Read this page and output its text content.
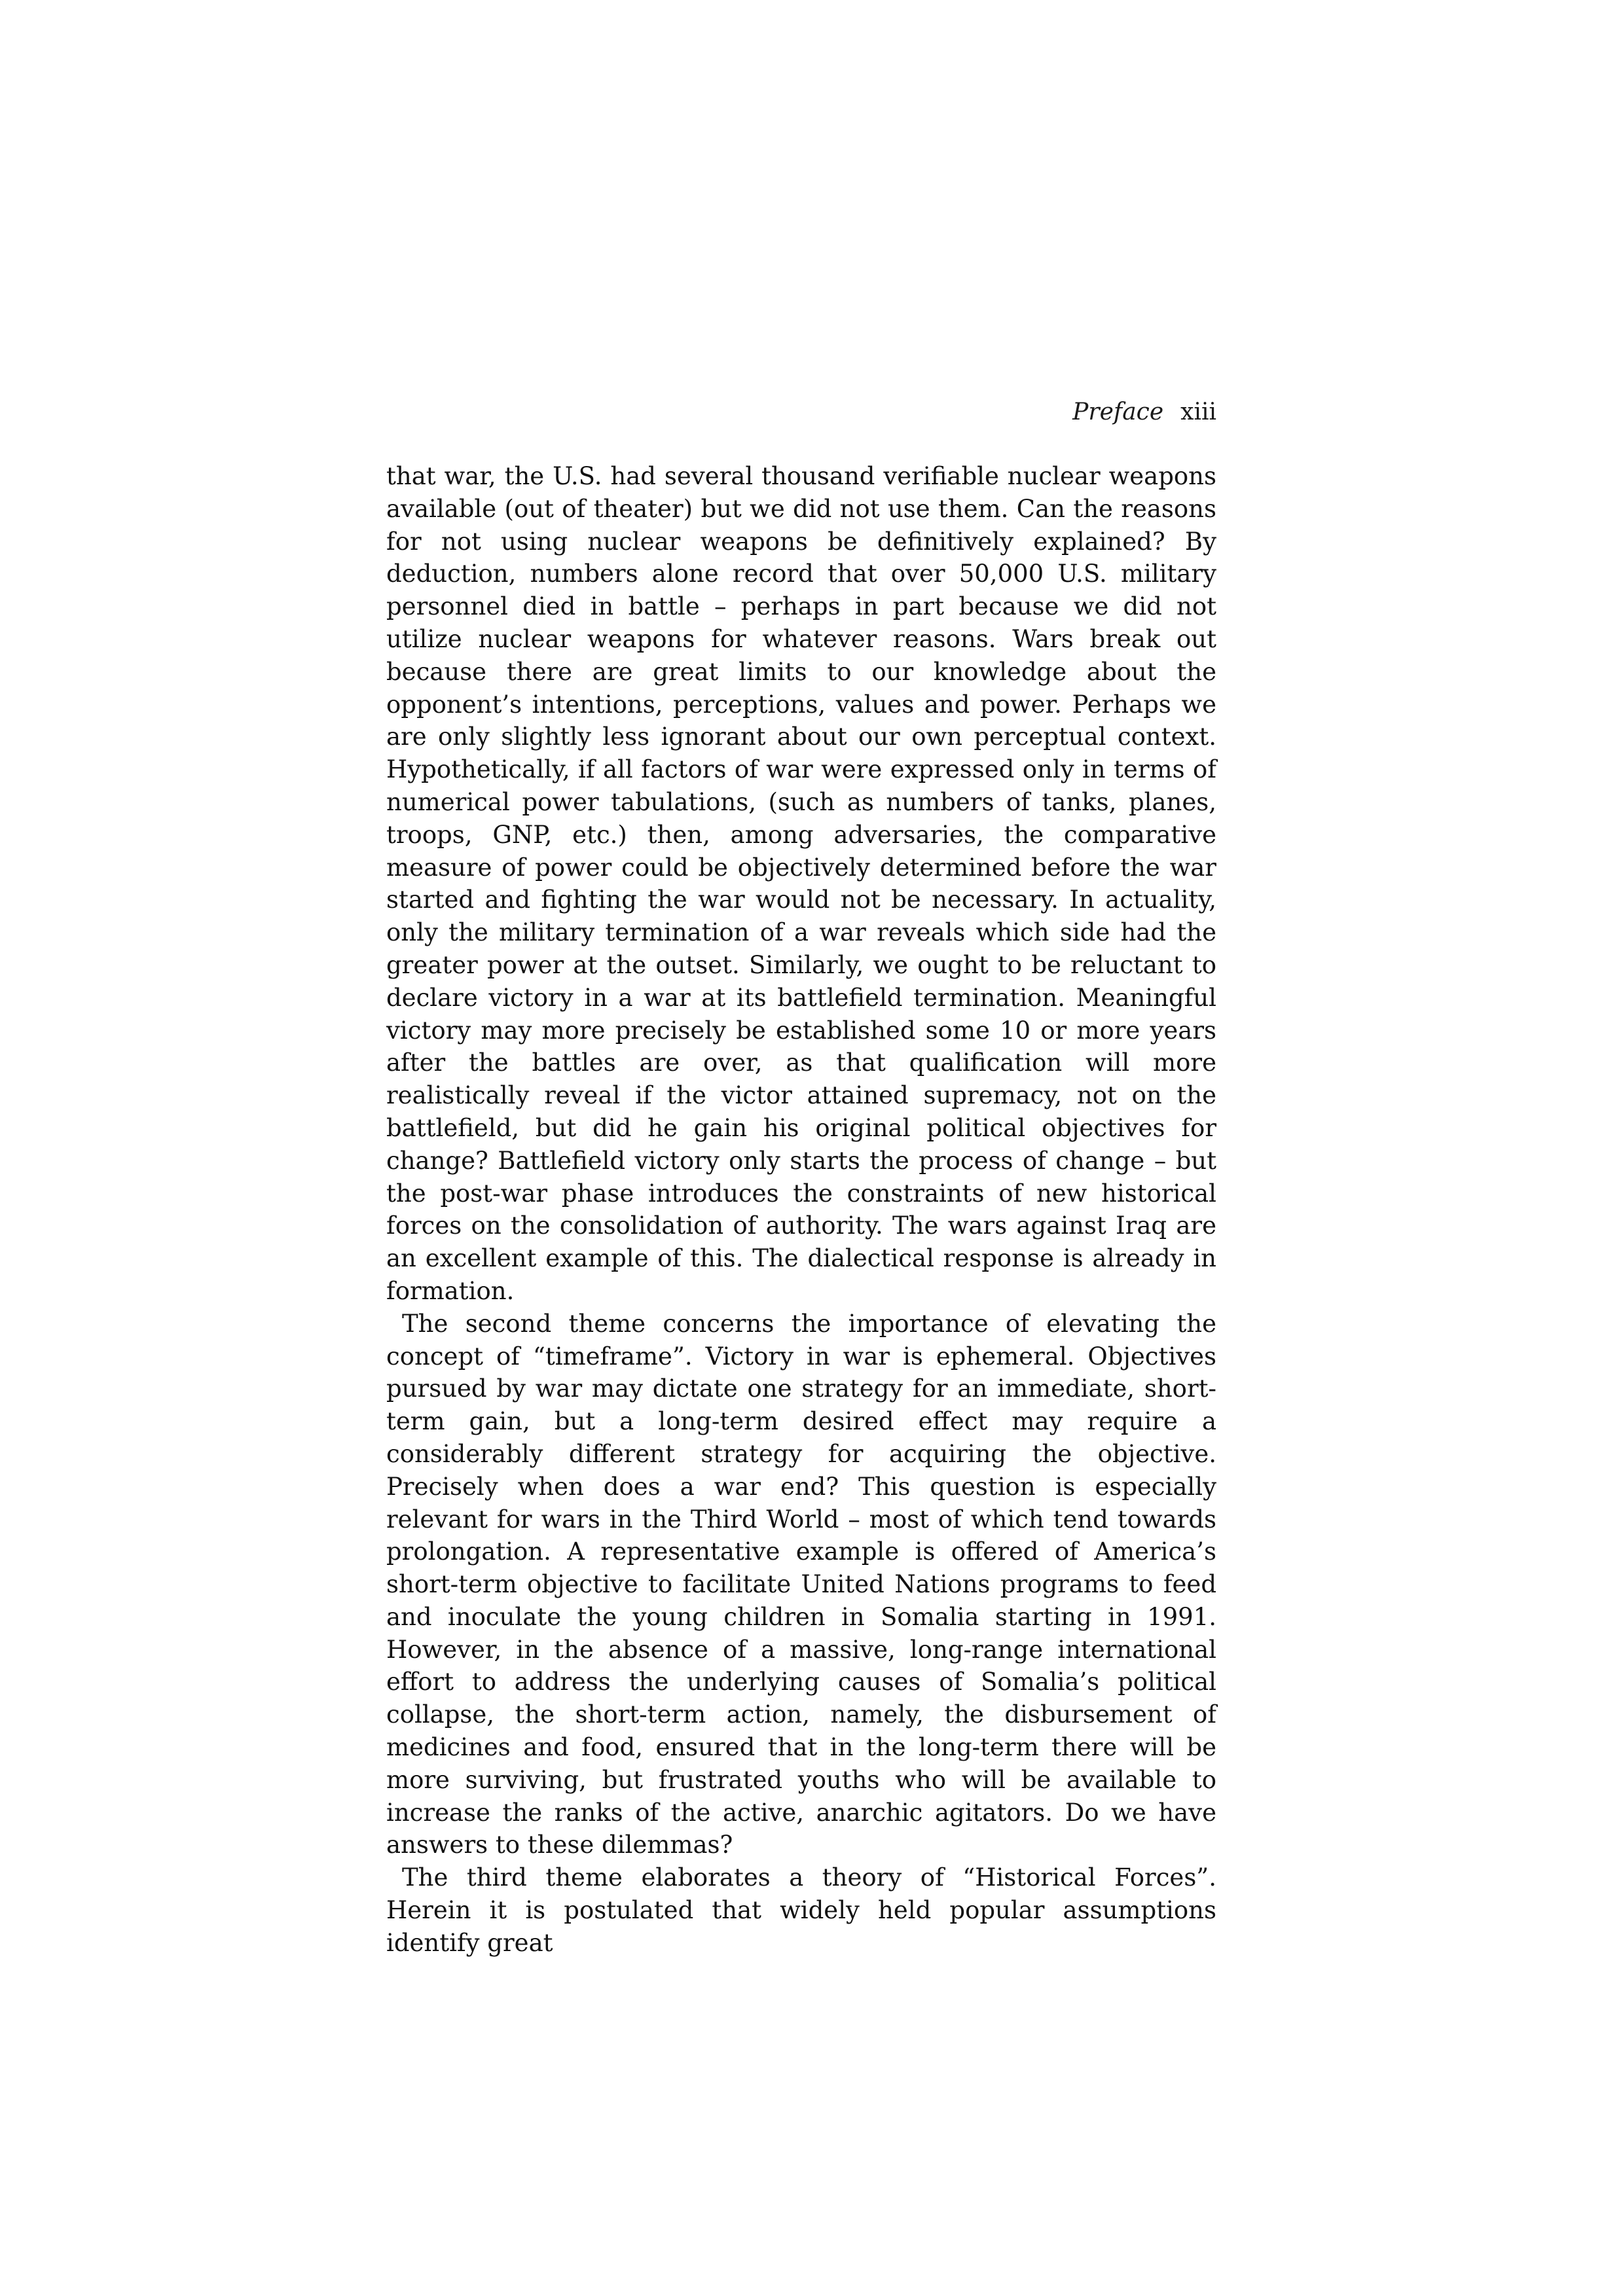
Preface xiii

that war, the U.S. had several thousand verifiable nuclear weapons available (out of theater) but we did not use them. Can the reasons for not using nuclear weapons be definitively explained? By deduction, numbers alone record that over 50,000 U.S. military personnel died in battle – perhaps in part because we did not utilize nuclear weapons for whatever reasons. Wars break out because there are great limits to our knowledge about the opponent’s intentions, perceptions, values and power. Perhaps we are only slightly less ignorant about our own perceptual context. Hypothetically, if all factors of war were expressed only in terms of numerical power tabulations, (such as numbers of tanks, planes, troops, GNP, etc.) then, among adversaries, the comparative measure of power could be objectively determined before the war started and fighting the war would not be necessary. In actuality, only the military termination of a war reveals which side had the greater power at the outset. Similarly, we ought to be reluctant to declare victory in a war at its battlefield termination. Meaningful victory may more precisely be established some 10 or more years after the battles are over, as that qualification will more realistically reveal if the victor attained supremacy, not on the battlefield, but did he gain his original political objectives for change? Battlefield victory only starts the process of change – but the post-war phase introduces the constraints of new historical forces on the consolidation of authority. The wars against Iraq are an excellent example of this. The dialectical response is already in formation.

The second theme concerns the importance of elevating the concept of “timeframe”. Victory in war is ephemeral. Objectives pursued by war may dictate one strategy for an immediate, short-term gain, but a long-term desired effect may require a considerably different strategy for acquiring the objective. Precisely when does a war end? This question is especially relevant for wars in the Third World – most of which tend towards prolongation. A representative example is offered of America’s short-term objective to facilitate United Nations programs to feed and inoculate the young children in Somalia starting in 1991. However, in the absence of a massive, long-range international effort to address the underlying causes of Somalia’s political collapse, the short-term action, namely, the disbursement of medicines and food, ensured that in the long-term there will be more surviving, but frustrated youths who will be available to increase the ranks of the active, anarchic agitators. Do we have answers to these dilemmas?

The third theme elaborates a theory of “Historical Forces”. Herein it is postulated that widely held popular assumptions identify great
